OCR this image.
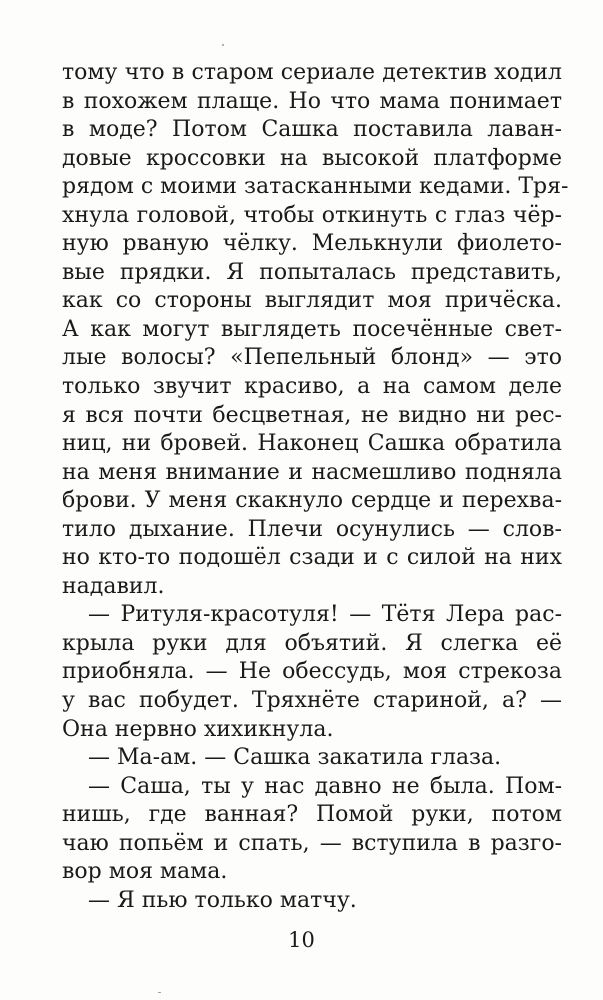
тому что в старом сериале детектив ходил
в похожем плаще. Но что мама понимает
в моде? Потом Сашка поставила лаван-
довые кроссовки на высокой платформе
рядом с моими затасканными кедами. Тря-
хнула головой, чтобы откинуть с глаз чёр-
ную рваную чёлку. Мелькнули фиолето-
вые прядки. Я попыталась представить,
как со стороны выглядит моя причёска.
А как могут выглядеть посечённые свет-
лые волосы? «Пепельный блонд» — это
только звучит красиво, а на самом деле
я вся почти бесцветная, не видно ни рес-
ниц, ни бровей. Наконец Сашка обратила
на меня внимание и насмешливо подняла
брови. У меня скакнуло сердце и перехва-
тило дыхание. Плечи осунулись — слов-
но кто-то подошёл сзади и с силой на них
надавил.
— Ритуля-красотуля! — Тётя Лера рас-
крыла руки для объятий. Я слегка её
приобняла. — Не обессудь, моя стрекоза
у вас побудет. Тряхнёте стариной, а? —
Она нервно хихикнула.
— Ма-ам. — Сашка закатила глаза.
— Саша, ты у нас давно не была. Пом-
нишь, где ванная? Помой руки, потом
чаю попьём и спать, — вступила в разго-
вор моя мама.
— Я пью только матчу.
10
